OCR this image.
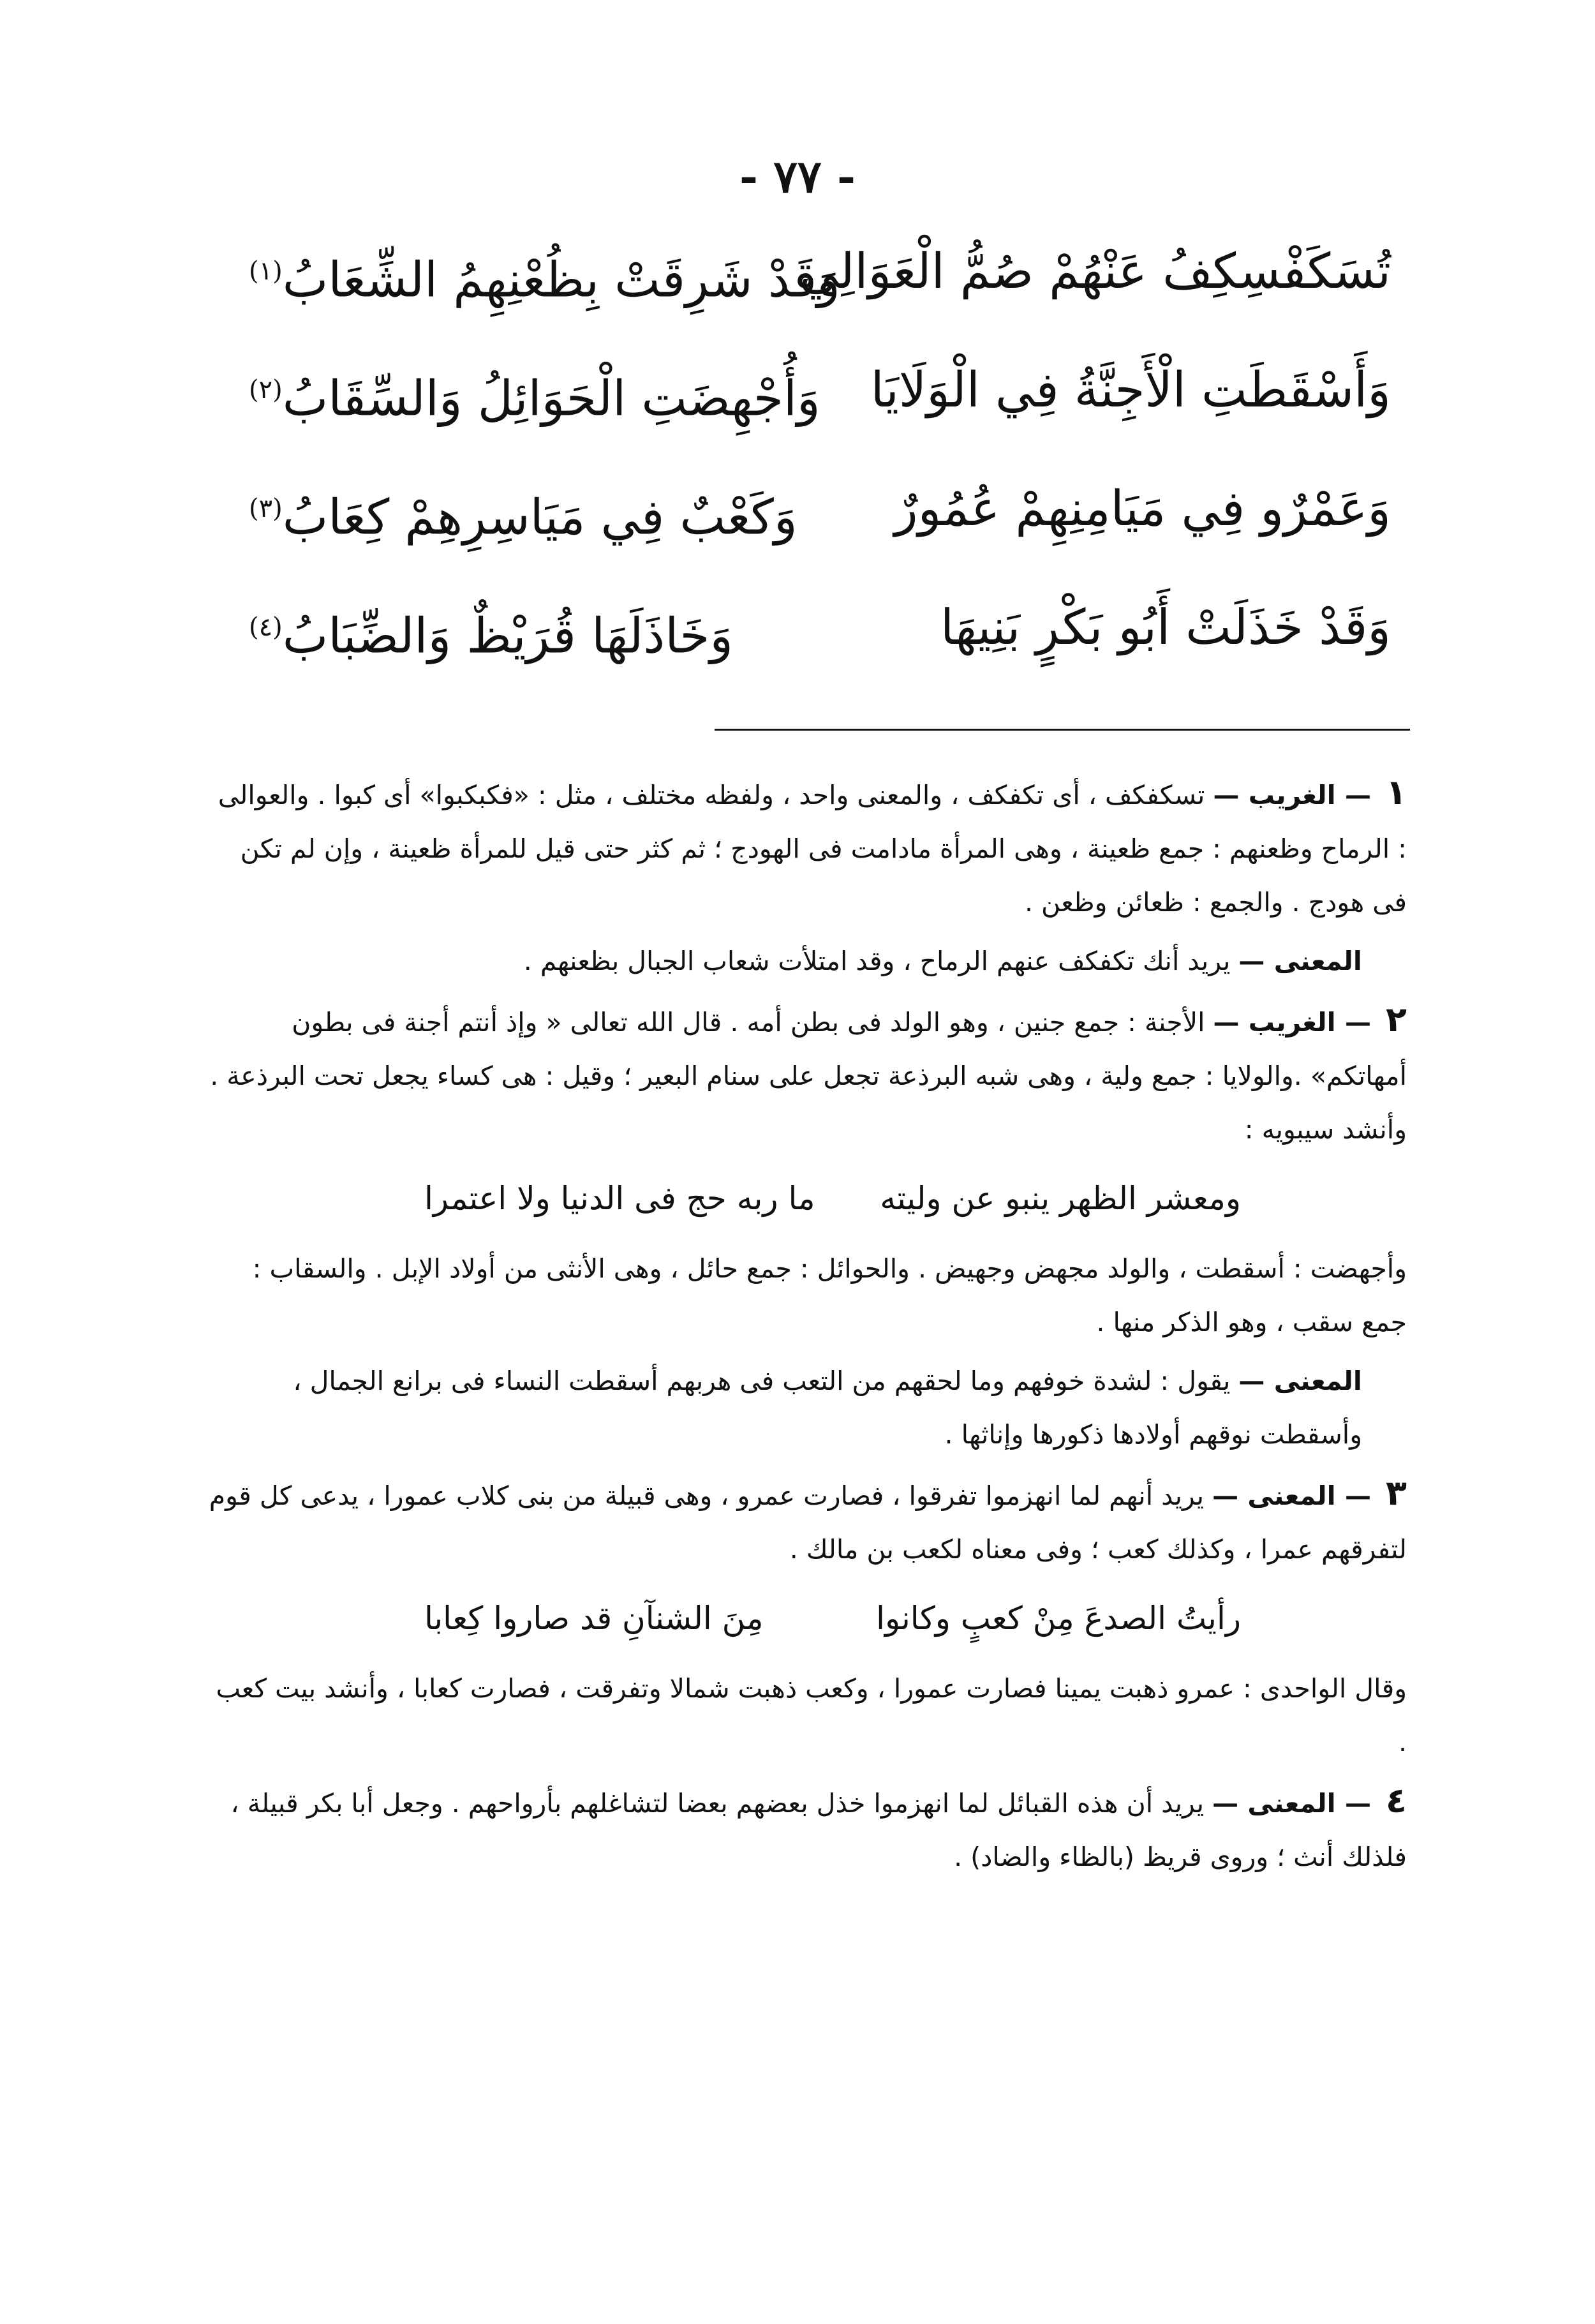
- ٧٧ -
تُسَكَفْسِكِفُ عَنْهُمْ صُمُّ الْعَوَالِي
وَقَدْ شَرِقَتْ بِظُعْنِهِمُ الشِّعَابُ$^{(١)}$
وَأَسْقَطَتِ الْأَجِنَّةُ فِي الْوَلَايَا
وَأُجْهِضَتِ الْحَوَائِلُ وَالسِّقَابُ$^{(٢)}$
وَعَمْرٌو فِي مَيَامِنِهِمْ عُمُورٌ
وَكَعْبٌ فِي مَيَاسِرِهِمْ كِعَابُ$^{(٣)}$
وَقَدْ خَذَلَتْ أَبُو بَكْرٍ بَنِيهَا
وَخَاذَلَهَا قُرَيْظٌ وَالضِّبَابُ$^{(٤)}$

١ — الغريب — تسكفكف ، أى تكفكف ، والمعنى واحد ، ولفظه مختلف ، مثل : «فكبكبوا» أى كبوا . والعوالى : الرماح وظعنهم : جمع ظعينة ، وهى المرأة مادامت فى الهودج ؛ ثم كثر حتى قيل للمرأة ظعينة ، وإن لم تكن فى هودج . والجمع : ظعائن وظعن .

المعنى — يريد أنك تكفكف عنهم الرماح ، وقد امتلأت شعاب الجبال بظعنهم .

٢ — الغريب — الأجنة : جمع جنين ، وهو الولد فى بطن أمه . قال الله تعالى « وإذ أنتم أجنة فى بطون أمهاتكم» .والولايا : جمع ولية ، وهى شبه البرذعة تجعل على سنام البعير ؛ وقيل : هى كساء يجعل تحت البرذعة . وأنشد سيبويه :

ومعشر الظهر ينبو عن وليته
ما ربه حج فى الدنيا ولا اعتمرا

وأجهضت : أسقطت ، والولد مجهض وجهيض . والحوائل : جمع حائل ، وهى الأنثى من أولاد الإبل . والسقاب : جمع سقب ، وهو الذكر منها .

المعنى — يقول : لشدة خوفهم وما لحقهم من التعب فى هربهم أسقطت النساء فى برانع الجمال ، وأسقطت نوقهم أولادها ذكورها وإناثها .

٣ — المعنى — يريد أنهم لما انهزموا تفرقوا ، فصارت عمرو ، وهى قبيلة من بنى كلاب عمورا ، يدعى كل قوم لتفرقهم عمرا ، وكذلك كعب ؛ وفى معناه لكعب بن مالك .

رأيتُ الصدعَ مِنْ كعبٍ وكانوا
مِنَ الشنآنِ قد صاروا كِعابا

وقال الواحدى : عمرو ذهبت يمينا فصارت عمورا ، وكعب ذهبت شمالا وتفرقت ، فصارت كعابا ، وأنشد بيت كعب .

٤ — المعنى — يريد أن هذه القبائل لما انهزموا خذل بعضهم بعضا لتشاغلهم بأرواحهم . وجعل أبا بكر قبيلة ، فلذلك أنث ؛ وروى قريظ (بالظاء والضاد) .
